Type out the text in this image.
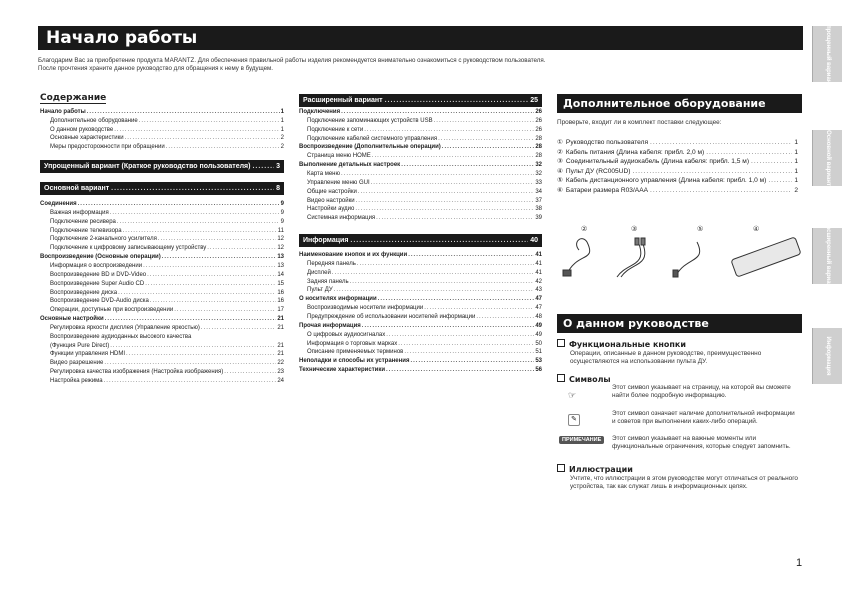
Начало работы
Благодарим Вас за приобретение продукта MARANTZ. Для обеспечения правильной работы изделия рекомендуется внимательно ознакомиться с руководством пользователя.
После прочтения храните данное руководство для обращения к нему в будущем.	Упрощенный вариант
Основной вариант
Расширенный вариант
Информация
Содержание
Начало работы .....	1
Дополнительное оборудование .....	1
О данном руководстве .....	1
Основные характеристики .....	2
Меры предосторожности при обращении .....	2
Упрощенный вариант (Краткое руководство пользователя) .....	3
Основной вариант .....	8
Соединения .....	9
Важная информация .....	9
Подключение ресивера .....	9
Подключение телевизора .....	11
Подключение 2-канального усилителя .....	12
Подключение к цифровому записывающему устройству .....	12
Воспроизведение (Основные операции) .....	13
Информация о воспроизведении .....	13
Воспроизведение BD и DVD-Video .....	14
Воспроизведение Super Audio CD .....	15
Воспроизведение диска .....	16
Воспроизведение DVD-Audio диска .....	16
Операции, доступные при воспроизведении .....	17
Основные настройки .....	21
Регулировка яркости дисплея (Управление яркостью) .....	21
Воспроизведение аудиоданных высокого качества
(Функция Pure Direct) .....	21
Функции управления HDMI .....	21
Видео разрешение .....	22
Регулировка качества изображения (Настройка изображения) .....	23
Настройка режима .....	24
Расширенный вариант .....	25
Подключения .....	26
Подключение запоминающих устройств USB .....	26
Подключение к сети .....	26
Подключение кабелей системного управления .....	28
Воспроизведение (Дополнительные операции) .....	28
Страница меню HOME .....	28
Выполнение детальных настроек .....	32
Карта меню .....	32
Управление меню GUI .....	33
Общие настройки .....	34
Видео настройки .....	37
Настройки аудио .....	38
Системная информация .....	39
Информация .....	40
Наименование кнопок и их функции .....	41
Передняя панель .....	41
Дисплей .....	41
Задняя панель .....	42
Пульт ДУ .....	43
О носителях информации .....	47
Воспроизводимые носители информации .....	47
Предупреждение об использовании носителей информации .....	48
Прочая информация .....	49
О цифровых аудиосигналах .....	49
Информация о торговых марках .....	50
Описание применяемых терминов .....	51
Неполадки и способы их устранения .....	53
Технические характеристики .....	56
Дополнительное оборудование
Проверьте, входит ли в комплект поставки следующее:
① Руководство пользователя .....	1
② Кабель питания (Длина кабеля: прибл. 2,0 м) .....	1
③ Соединительный аудиокабель (Длина кабеля: прибл. 1,5 м) .....	1
④ Пульт ДУ (RC005UD) .....	1
⑤ Кабель дистанционного управления (Длина кабеля: прибл. 1,0 м) .....	1
⑥ Батареи размера R03/AAA .....	2
②	③	⑤	④
О данном руководстве
Функциональные кнопки
Операции, описанные в данном руководстве, преимущественно осуществляются на использовании пульта ДУ.
Символы
☞
Этот символ указывает на страницу, на которой вы сможете найти более подробную информацию.
✎
Этот символ означает наличие дополнительной информации и советов при выполнении каких-либо операций.
ПРИМЕЧАНИЕ	Этот символ указывает на важные моменты или функциональные ограничения, которые следует запомнить.
Иллюстрации
Учтите, что иллюстрации в этом руководстве могут отличаться от реального устройства, так как служат лишь в информационных целях.
1
